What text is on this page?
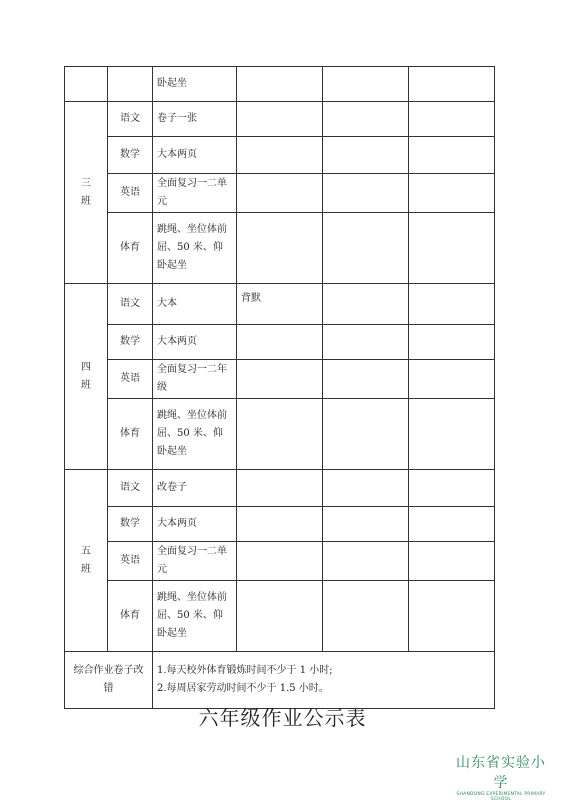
		卧起坐			

三
班	语文	卷子一张			
	数学	大本两页			
	英语	全面复习一二单元			
	体育	跳绳、坐位体前屈、50 米、仰卧起坐			

四
班	语文	大本	背默		
	数学	大本两页			
	英语	全面复习一二年级			
	体育	跳绳、坐位体前屈、50 米、仰卧起坐			

五
班	语文	改卷子			
	数学	大本两页			
	英语	全面复习一二单元			
	体育	跳绳、坐位体前屈、50 米、仰卧起坐			
综合作业卷子改错		1.每天校外体育锻炼时间不少于 1 小时;
2.每周居家劳动时间不少于 1.5 小时。			
六年级作业公示表
山东省实验小学
SHANDONG EXPERIMENTAL PRIMARY SCHOOL
